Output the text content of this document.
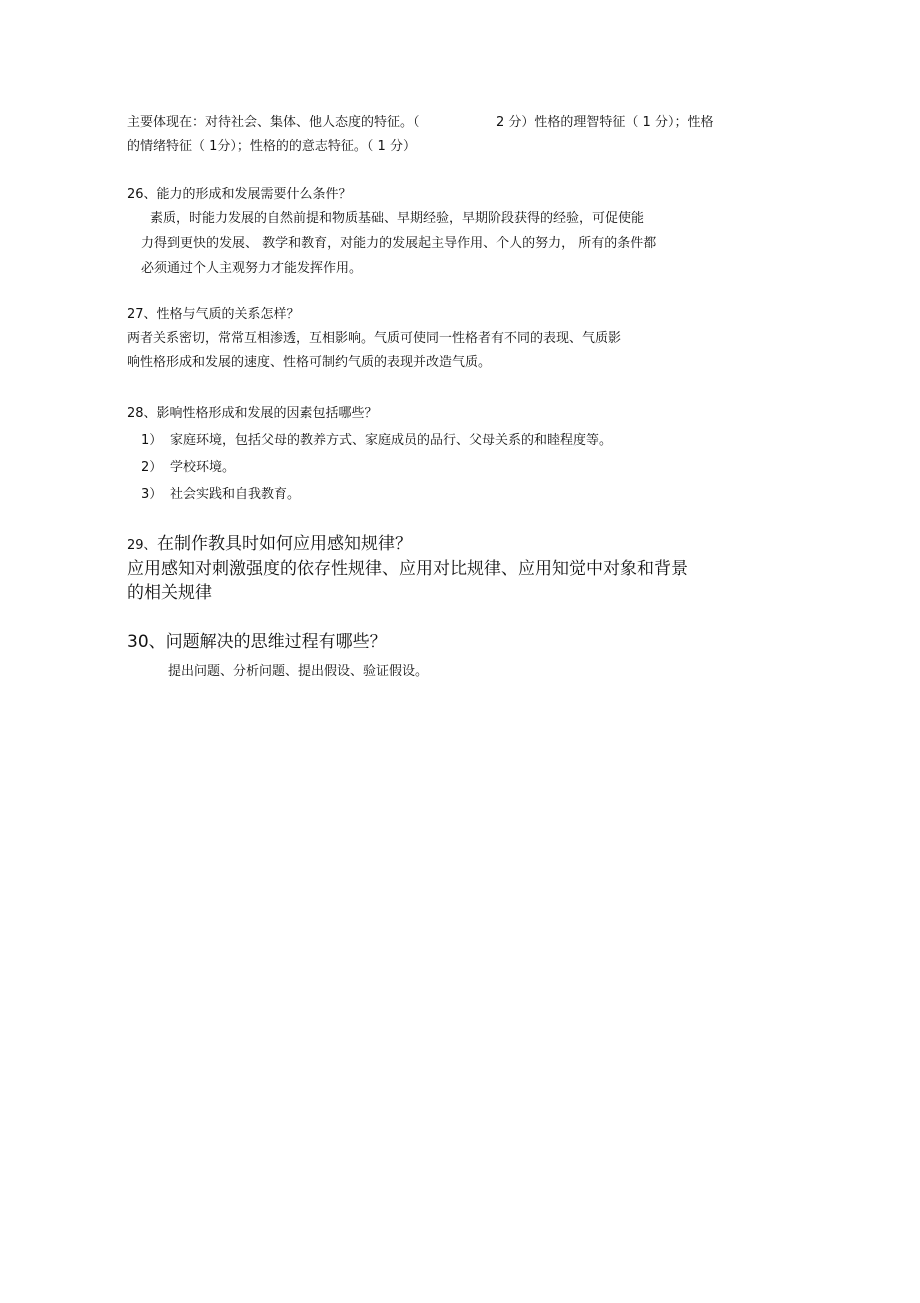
主要体现在：对待社会、集体、他人态度的特征。（	2 分）性格的理智特征（ 1 分）；性格
的情绪特征（ 1分）；性格的的意志特征。（ 1 分）
26、能力的形成和发展需要什么条件？
素质，时能力发展的自然前提和物质基础、早期经验，早期阶段获得的经验，可促使能
力得到更快的发展、 教学和教育，对能力的发展起主导作用、个人的努力， 所有的条件都
必须通过个人主观努力才能发挥作用。
27、性格与气质的关系怎样？
两者关系密切，常常互相渗透，互相影响。气质可使同一性格者有不同的表现、气质影
响性格形成和发展的速度、性格可制约气质的表现并改造气质。
28、影响性格形成和发展的因素包括哪些？
1） 家庭环境，包括父母的教养方式、家庭成员的品行、父母关系的和睦程度等。
2） 学校环境。
3） 社会实践和自我教育。
29、 在制作教具时如何应用感知规律？
应用感知对刺激强度的依存性规律、应用对比规律、应用知觉中对象和背景
的相关规律
30、问题解决的思维过程有哪些？
提出问题、分析问题、提出假设、验证假设。
